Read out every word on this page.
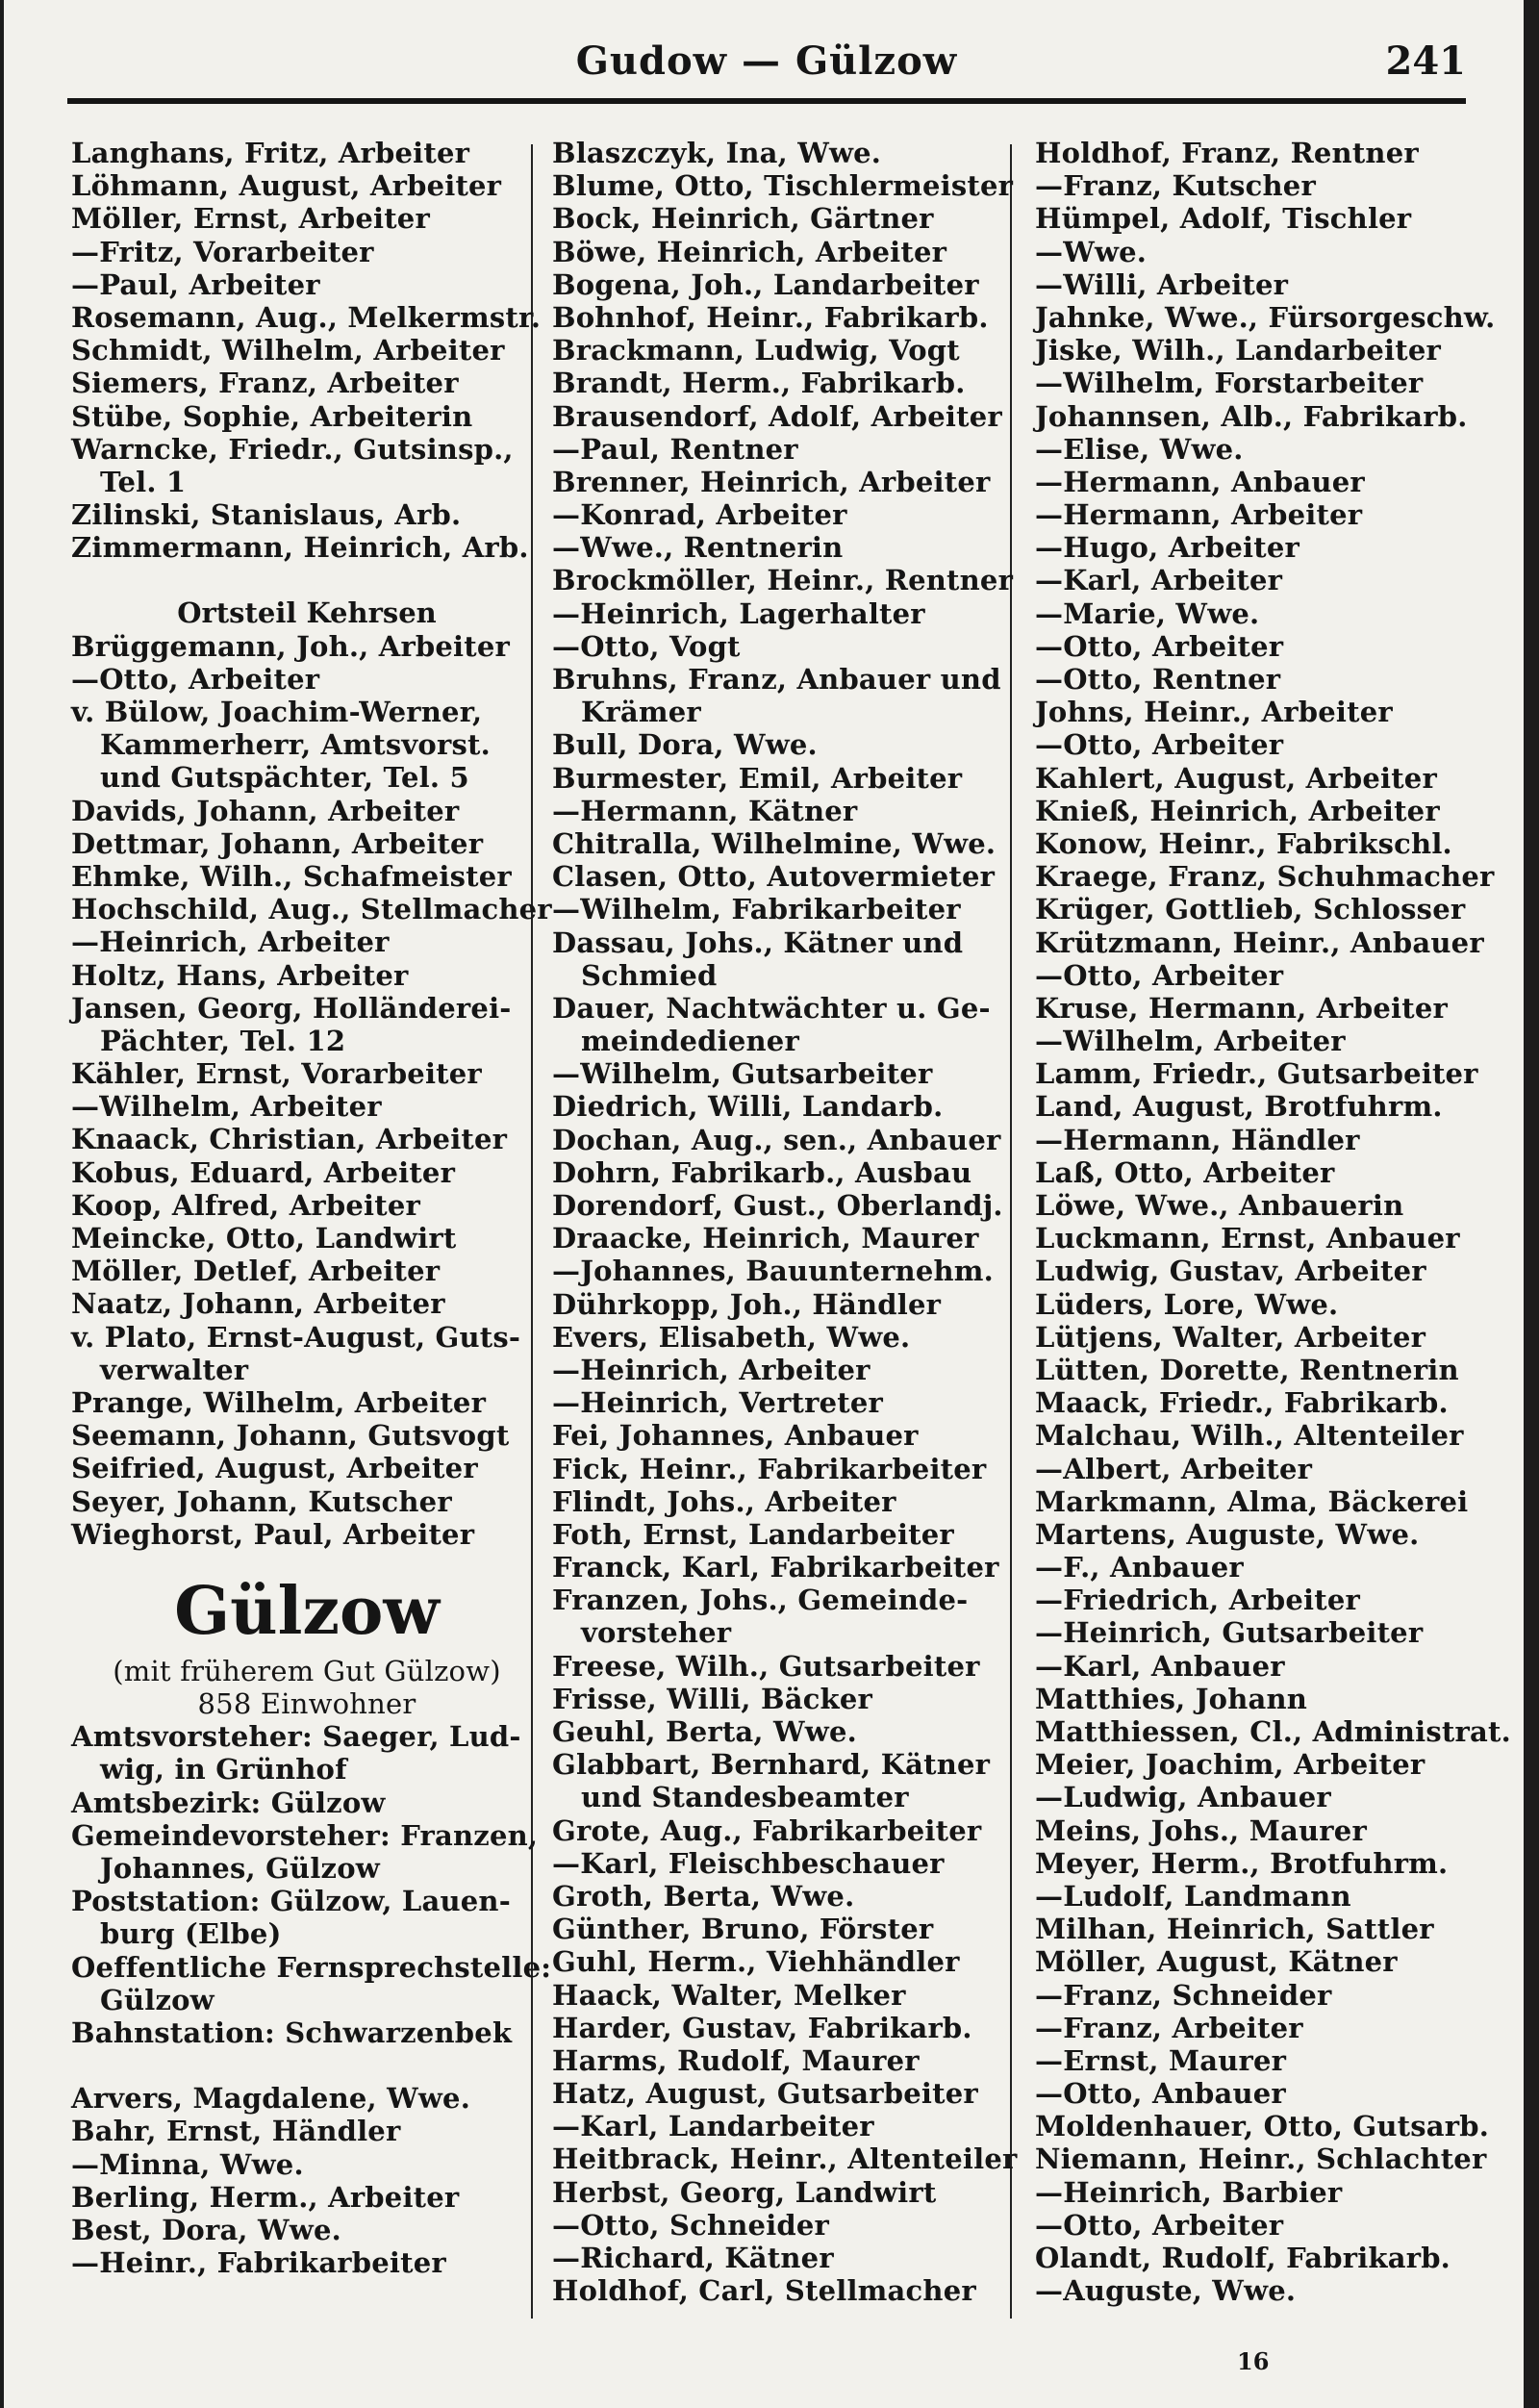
Gudow — Gülzow	241
Langhans, Fritz, Arbeiter
Löhmann, August, Arbeiter
Möller, Ernst, Arbeiter
—Fritz, Vorarbeiter
—Paul, Arbeiter
Rosemann, Aug., Melkermstr.
Schmidt, Wilhelm, Arbeiter
Siemers, Franz, Arbeiter
Stübe, Sophie, Arbeiterin
Warncke, Friedr., Gutsinsp.,
Tel. 1
Zilinski, Stanislaus, Arb.
Zimmermann, Heinrich, Arb.
Ortsteil Kehrsen
Brüggemann, Joh., Arbeiter
—Otto, Arbeiter
v. Bülow, Joachim-Werner,
Kammerherr, Amtsvorst.
und Gutspächter, Tel. 5
Davids, Johann, Arbeiter
Dettmar, Johann, Arbeiter
Ehmke, Wilh., Schafmeister
Hochschild, Aug., Stellmacher
—Heinrich, Arbeiter
Holtz, Hans, Arbeiter
Jansen, Georg, Holländerei-
Pächter, Tel. 12
Kähler, Ernst, Vorarbeiter
—Wilhelm, Arbeiter
Knaack, Christian, Arbeiter
Kobus, Eduard, Arbeiter
Koop, Alfred, Arbeiter
Meincke, Otto, Landwirt
Möller, Detlef, Arbeiter
Naatz, Johann, Arbeiter
v. Plato, Ernst-August, Guts-
verwalter
Prange, Wilhelm, Arbeiter
Seemann, Johann, Gutsvogt
Seifried, August, Arbeiter
Seyer, Johann, Kutscher
Wieghorst, Paul, Arbeiter
Gülzow
(mit früherem Gut Gülzow)
858 Einwohner
Amtsvorsteher: Saeger, Lud-
wig, in Grünhof
Amtsbezirk: Gülzow
Gemeindevorsteher: Franzen,
Johannes, Gülzow
Poststation: Gülzow, Lauen-
burg (Elbe)
Oeffentliche Fernsprechstelle:
Gülzow
Bahnstation: Schwarzenbek
Arvers, Magdalene, Wwe.
Bahr, Ernst, Händler
—Minna, Wwe.
Berling, Herm., Arbeiter
Best, Dora, Wwe.
—Heinr., Fabrikarbeiter
Blaszczyk, Ina, Wwe.
Blume, Otto, Tischlermeister
Bock, Heinrich, Gärtner
Böwe, Heinrich, Arbeiter
Bogena, Joh., Landarbeiter
Bohnhof, Heinr., Fabrikarb.
Brackmann, Ludwig, Vogt
Brandt, Herm., Fabrikarb.
Brausendorf, Adolf, Arbeiter
—Paul, Rentner
Brenner, Heinrich, Arbeiter
—Konrad, Arbeiter
—Wwe., Rentnerin
Brockmöller, Heinr., Rentner
—Heinrich, Lagerhalter
—Otto, Vogt
Bruhns, Franz, Anbauer und
Krämer
Bull, Dora, Wwe.
Burmester, Emil, Arbeiter
—Hermann, Kätner
Chitralla, Wilhelmine, Wwe.
Clasen, Otto, Autovermieter
—Wilhelm, Fabrikarbeiter
Dassau, Johs., Kätner und
Schmied
Dauer, Nachtwächter u. Ge-
meindediener
—Wilhelm, Gutsarbeiter
Diedrich, Willi, Landarb.
Dochan, Aug., sen., Anbauer
Dohrn, Fabrikarb., Ausbau
Dorendorf, Gust., Oberlandj.
Draacke, Heinrich, Maurer
—Johannes, Bauunternehm.
Dührkopp, Joh., Händler
Evers, Elisabeth, Wwe.
—Heinrich, Arbeiter
—Heinrich, Vertreter
Fei, Johannes, Anbauer
Fick, Heinr., Fabrikarbeiter
Flindt, Johs., Arbeiter
Foth, Ernst, Landarbeiter
Franck, Karl, Fabrikarbeiter
Franzen, Johs., Gemeinde-
vorsteher
Freese, Wilh., Gutsarbeiter
Frisse, Willi, Bäcker
Geuhl, Berta, Wwe.
Glabbart, Bernhard, Kätner
und Standesbeamter
Grote, Aug., Fabrikarbeiter
—Karl, Fleischbeschauer
Groth, Berta, Wwe.
Günther, Bruno, Förster
Guhl, Herm., Viehhändler
Haack, Walter, Melker
Harder, Gustav, Fabrikarb.
Harms, Rudolf, Maurer
Hatz, August, Gutsarbeiter
—Karl, Landarbeiter
Heitbrack, Heinr., Altenteiler
Herbst, Georg, Landwirt
—Otto, Schneider
—Richard, Kätner
Holdhof, Carl, Stellmacher
Holdhof, Franz, Rentner
—Franz, Kutscher
Hümpel, Adolf, Tischler
—Wwe.
—Willi, Arbeiter
Jahnke, Wwe., Fürsorgeschw.
Jiske, Wilh., Landarbeiter
—Wilhelm, Forstarbeiter
Johannsen, Alb., Fabrikarb.
—Elise, Wwe.
—Hermann, Anbauer
—Hermann, Arbeiter
—Hugo, Arbeiter
—Karl, Arbeiter
—Marie, Wwe.
—Otto, Arbeiter
—Otto, Rentner
Johns, Heinr., Arbeiter
—Otto, Arbeiter
Kahlert, August, Arbeiter
Knieß, Heinrich, Arbeiter
Konow, Heinr., Fabrikschl.
Kraege, Franz, Schuhmacher
Krüger, Gottlieb, Schlosser
Krützmann, Heinr., Anbauer
—Otto, Arbeiter
Kruse, Hermann, Arbeiter
—Wilhelm, Arbeiter
Lamm, Friedr., Gutsarbeiter
Land, August, Brotfuhrm.
—Hermann, Händler
Laß, Otto, Arbeiter
Löwe, Wwe., Anbauerin
Luckmann, Ernst, Anbauer
Ludwig, Gustav, Arbeiter
Lüders, Lore, Wwe.
Lütjens, Walter, Arbeiter
Lütten, Dorette, Rentnerin
Maack, Friedr., Fabrikarb.
Malchau, Wilh., Altenteiler
—Albert, Arbeiter
Markmann, Alma, Bäckerei
Martens, Auguste, Wwe.
—F., Anbauer
—Friedrich, Arbeiter
—Heinrich, Gutsarbeiter
—Karl, Anbauer
Matthies, Johann
Matthiessen, Cl., Administrat.
Meier, Joachim, Arbeiter
—Ludwig, Anbauer
Meins, Johs., Maurer
Meyer, Herm., Brotfuhrm.
—Ludolf, Landmann
Milhan, Heinrich, Sattler
Möller, August, Kätner
—Franz, Schneider
—Franz, Arbeiter
—Ernst, Maurer
—Otto, Anbauer
Moldenhauer, Otto, Gutsarb.
Niemann, Heinr., Schlachter
—Heinrich, Barbier
—Otto, Arbeiter
Olandt, Rudolf, Fabrikarb.
—Auguste, Wwe.
16
